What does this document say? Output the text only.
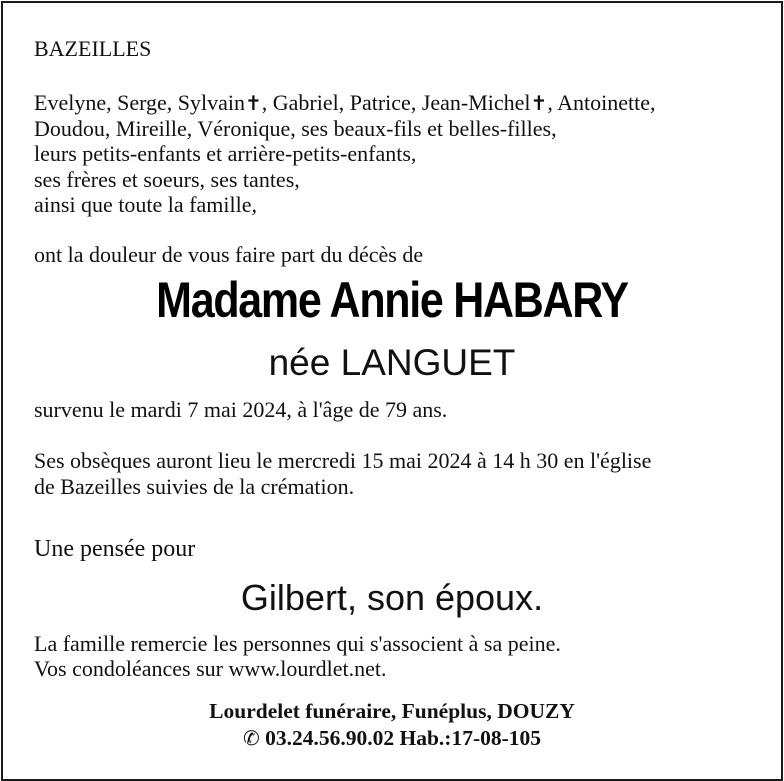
BAZEILLES
Evelyne, Serge, Sylvain✝, Gabriel, Patrice, Jean-Michel✝, Antoinette,
Doudou, Mireille, Véronique, ses beaux-fils et belles-filles,
leurs petits-enfants et arrière-petits-enfants,
ses frères et soeurs, ses tantes,
ainsi que toute la famille,
ont la douleur de vous faire part du décès de
Madame Annie HABARY
née LANGUET
survenu le mardi 7 mai 2024, à l'âge de 79 ans.
Ses obsèques auront lieu le mercredi 15 mai 2024 à 14 h 30 en l'église
de Bazeilles suivies de la crémation.
Une pensée pour
Gilbert, son époux.
La famille remercie les personnes qui s'associent à sa peine.
Vos condoléances sur www.lourdlet.net.
Lourdelet funéraire, Funéplus, DOUZY
✆ 03.24.56.90.02 Hab.:17-08-105
